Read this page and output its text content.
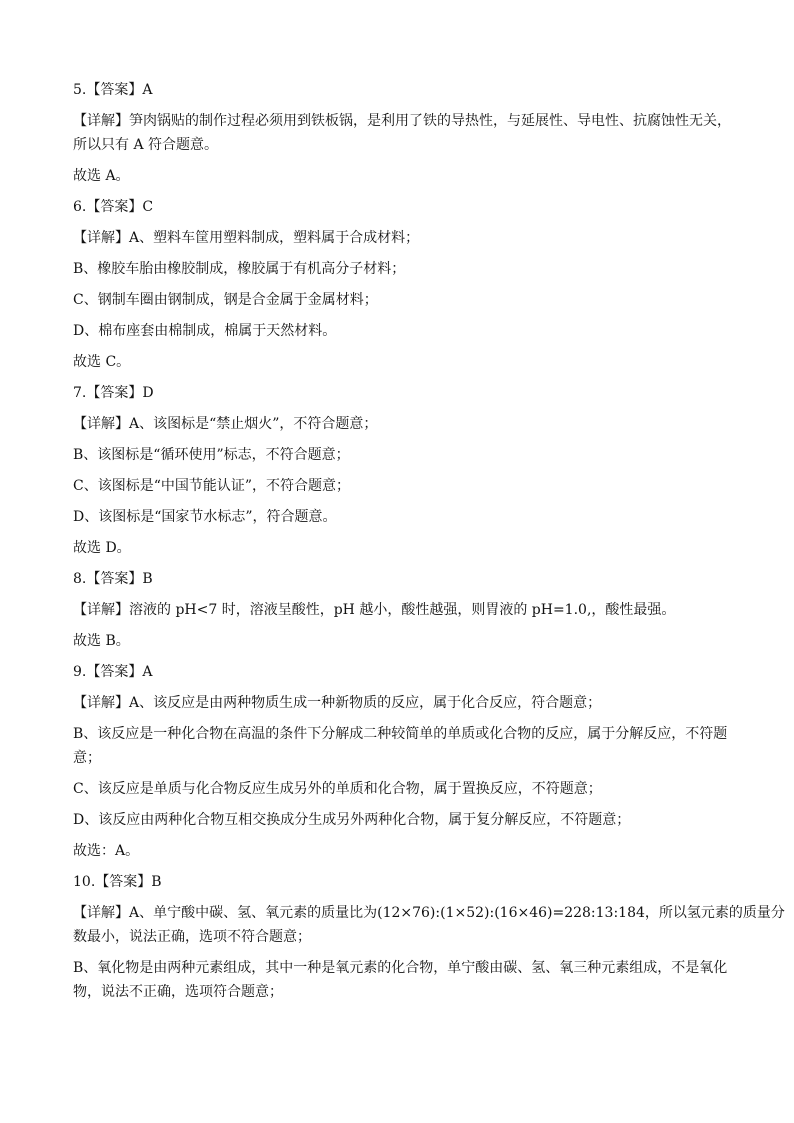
5.【答案】A

【详解】笋肉锅贴的制作过程必须用到铁板锅，是利用了铁的导热性，与延展性、导电性、抗腐蚀性无关，

所以只有 A 符合题意。

故选 A。

6.【答案】C

【详解】A、塑料车筐用塑料制成，塑料属于合成材料；

B、橡胶车胎由橡胶制成，橡胶属于有机高分子材料；

C、钢制车圈由钢制成，钢是合金属于金属材料；

D、棉布座套由棉制成，棉属于天然材料。

故选 C。

7.【答案】D

【详解】A、该图标是“禁止烟火”，不符合题意；

B、该图标是“循环使用”标志，不符合题意；

C、该图标是“中国节能认证”，不符合题意；

D、该图标是“国家节水标志”，符合题意。

故选 D。

8.【答案】B

【详解】溶液的 pH<7 时，溶液呈酸性，pH 越小，酸性越强，则胃液的 pH=1.0,，酸性最强。

故选 B。

9.【答案】A

【详解】A、该反应是由两种物质生成一种新物质的反应，属于化合反应，符合题意；

B、该反应是一种化合物在高温的条件下分解成二种较简单的单质或化合物的反应，属于分解反应，不符题

意；

C、该反应是单质与化合物反应生成另外的单质和化合物，属于置换反应，不符题意；

D、该反应由两种化合物互相交换成分生成另外两种化合物，属于复分解反应，不符题意；

故选：A。

10.【答案】B

【详解】A、单宁酸中碳、氢、氧元素的质量比为(12×76):(1×52):(16×46)=228:13:184，所以氢元素的质量分

数最小，说法正确，选项不符合题意；

B、氧化物是由两种元素组成，其中一种是氧元素的化合物，单宁酸由碳、氢、氧三种元素组成，不是氧化

物，说法不正确，选项符合题意；
